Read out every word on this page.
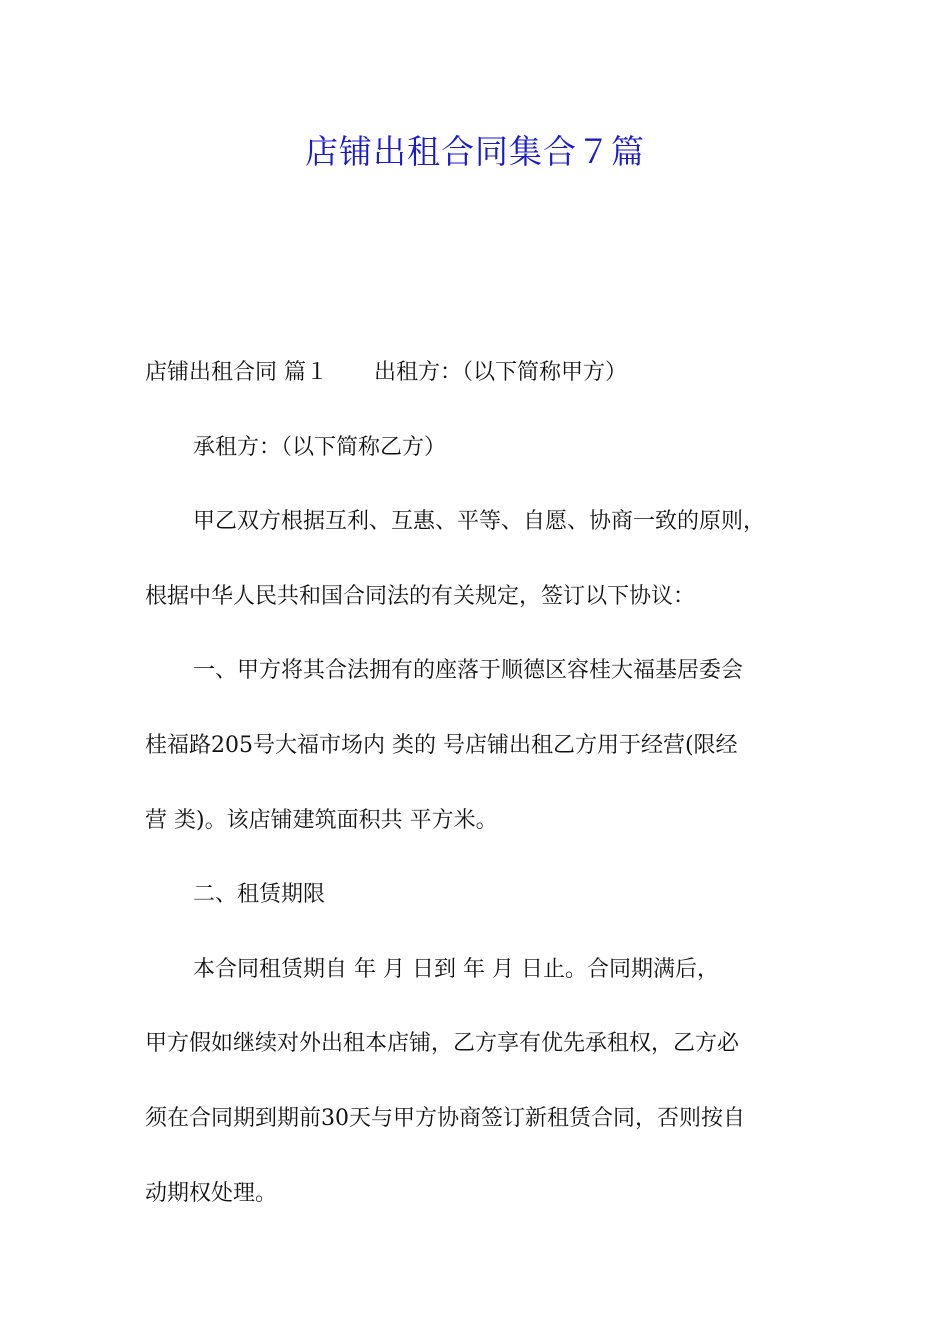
店铺出租合同集合７篇
店铺出租合同 篇１ 出租方：（以下简称甲方）
承租方：（以下简称乙方）
甲乙双方根据互利、互惠、平等、自愿、协商一致的原则，
根据中华人民共和国合同法的有关规定，签订以下协议：
一、甲方将其合法拥有的座落于顺德区容桂大福基居委会
桂福路205号大福市场内 类的 号店铺出租乙方用于经营(限经
营 类)。该店铺建筑面积共 平方米。
二、租赁期限
本合同租赁期自 年 月 日到 年 月 日止。合同期满后，
甲方假如继续对外出租本店铺，乙方享有优先承租权，乙方必
须在合同期到期前30天与甲方协商签订新租赁合同，否则按自
动期权处理。
